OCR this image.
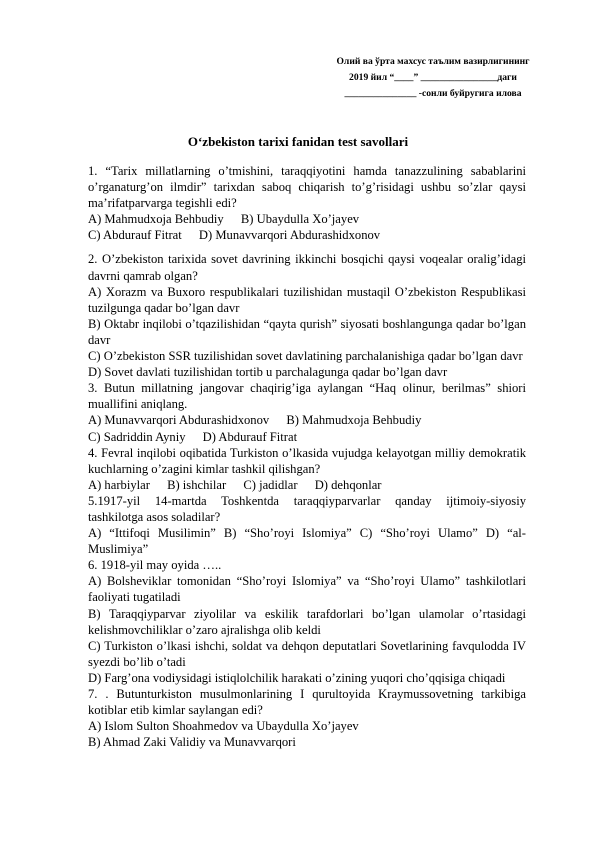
Олий ва ўрта махсус таълим вазирлигининг
2019 йил “____” ________________даги
_______________ -сонли буйругига илова
O‘zbekiston tarixi fanidan test savollari

1. “Tarix millatlarning o’tmishini, taraqqiyotini hamda tanazzulining sabablarini o’rganaturg’on ilmdir” tarixdan saboq chiqarish to’g’risidagi ushbu so’zlar qaysi ma’rifatparvarga tegishli edi?

A) Mahmudxoja Behbudiy B) Ubaydulla Xo’jayev

C) Abdurauf Fitrat D) Munavvarqori Abdurashidxonov

2. O’zbekiston tarixida sovet davrining ikkinchi bosqichi qaysi voqealar oralig’idagi davrni qamrab olgan?

A) Xorazm va Buxoro respublikalari tuzilishidan mustaqil O’zbekiston Respublikasi tuzilgunga qadar bo’lgan davr

B) Oktabr inqilobi o’tqazilishidan “qayta qurish” siyosati boshlangunga qadar bo’lgan davr

C) O’zbekiston SSR tuzilishidan sovet davlatining parchalanishiga qadar bo’lgan davr

D) Sovet davlati tuzilishidan tortib u parchalagunga qadar bo’lgan davr

3. Butun millatning jangovar chaqirig’iga aylangan “Haq olinur, berilmas” shiori muallifini aniqlang.

A) Munavvarqori Abdurashidxonov B) Mahmudxoja Behbudiy

C) Sadriddin Ayniy D) Abdurauf Fitrat

4. Fevral inqilobi oqibatida Turkiston o’lkasida vujudga kelayotgan milliy demokratik kuchlarning o’zagini kimlar tashkil qilishgan?

A) harbiylar B) ishchilar C) jadidlar D) dehqonlar

5.1917-yil 14-martda Toshkentda taraqqiyparvarlar qanday ijtimoiy-siyosiy tashkilotga asos soladilar?

A) “Ittifoqi Musilimin” B) “Sho’royi Islomiya” C) “Sho’royi Ulamo” D) “al-Muslimiya”

6. 1918-yil may oyida …..

A) Bolsheviklar tomonidan “Sho’royi Islomiya” va “Sho’royi Ulamo” tashkilotlari faoliyati tugatiladi

B) Taraqqiyparvar ziyolilar va eskilik tarafdorlari bo’lgan ulamolar o’rtasidagi kelishmovchiliklar o’zaro ajralishga olib keldi

C) Turkiston o’lkasi ishchi, soldat va dehqon deputatlari Sovetlarining favqulodda IV syezdi bo’lib o’tadi

D) Farg’ona vodiysidagi istiqlolchilik harakati o’zining yuqori cho’qqisiga chiqadi

7. . Butunturkiston musulmonlarining I qurultoyida Kraymussovetning tarkibiga kotiblar etib kimlar saylangan edi?

A) Islom Sulton Shoahmedov va Ubaydulla Xo’jayev

B) Ahmad Zaki Validiy va Munavvarqori
